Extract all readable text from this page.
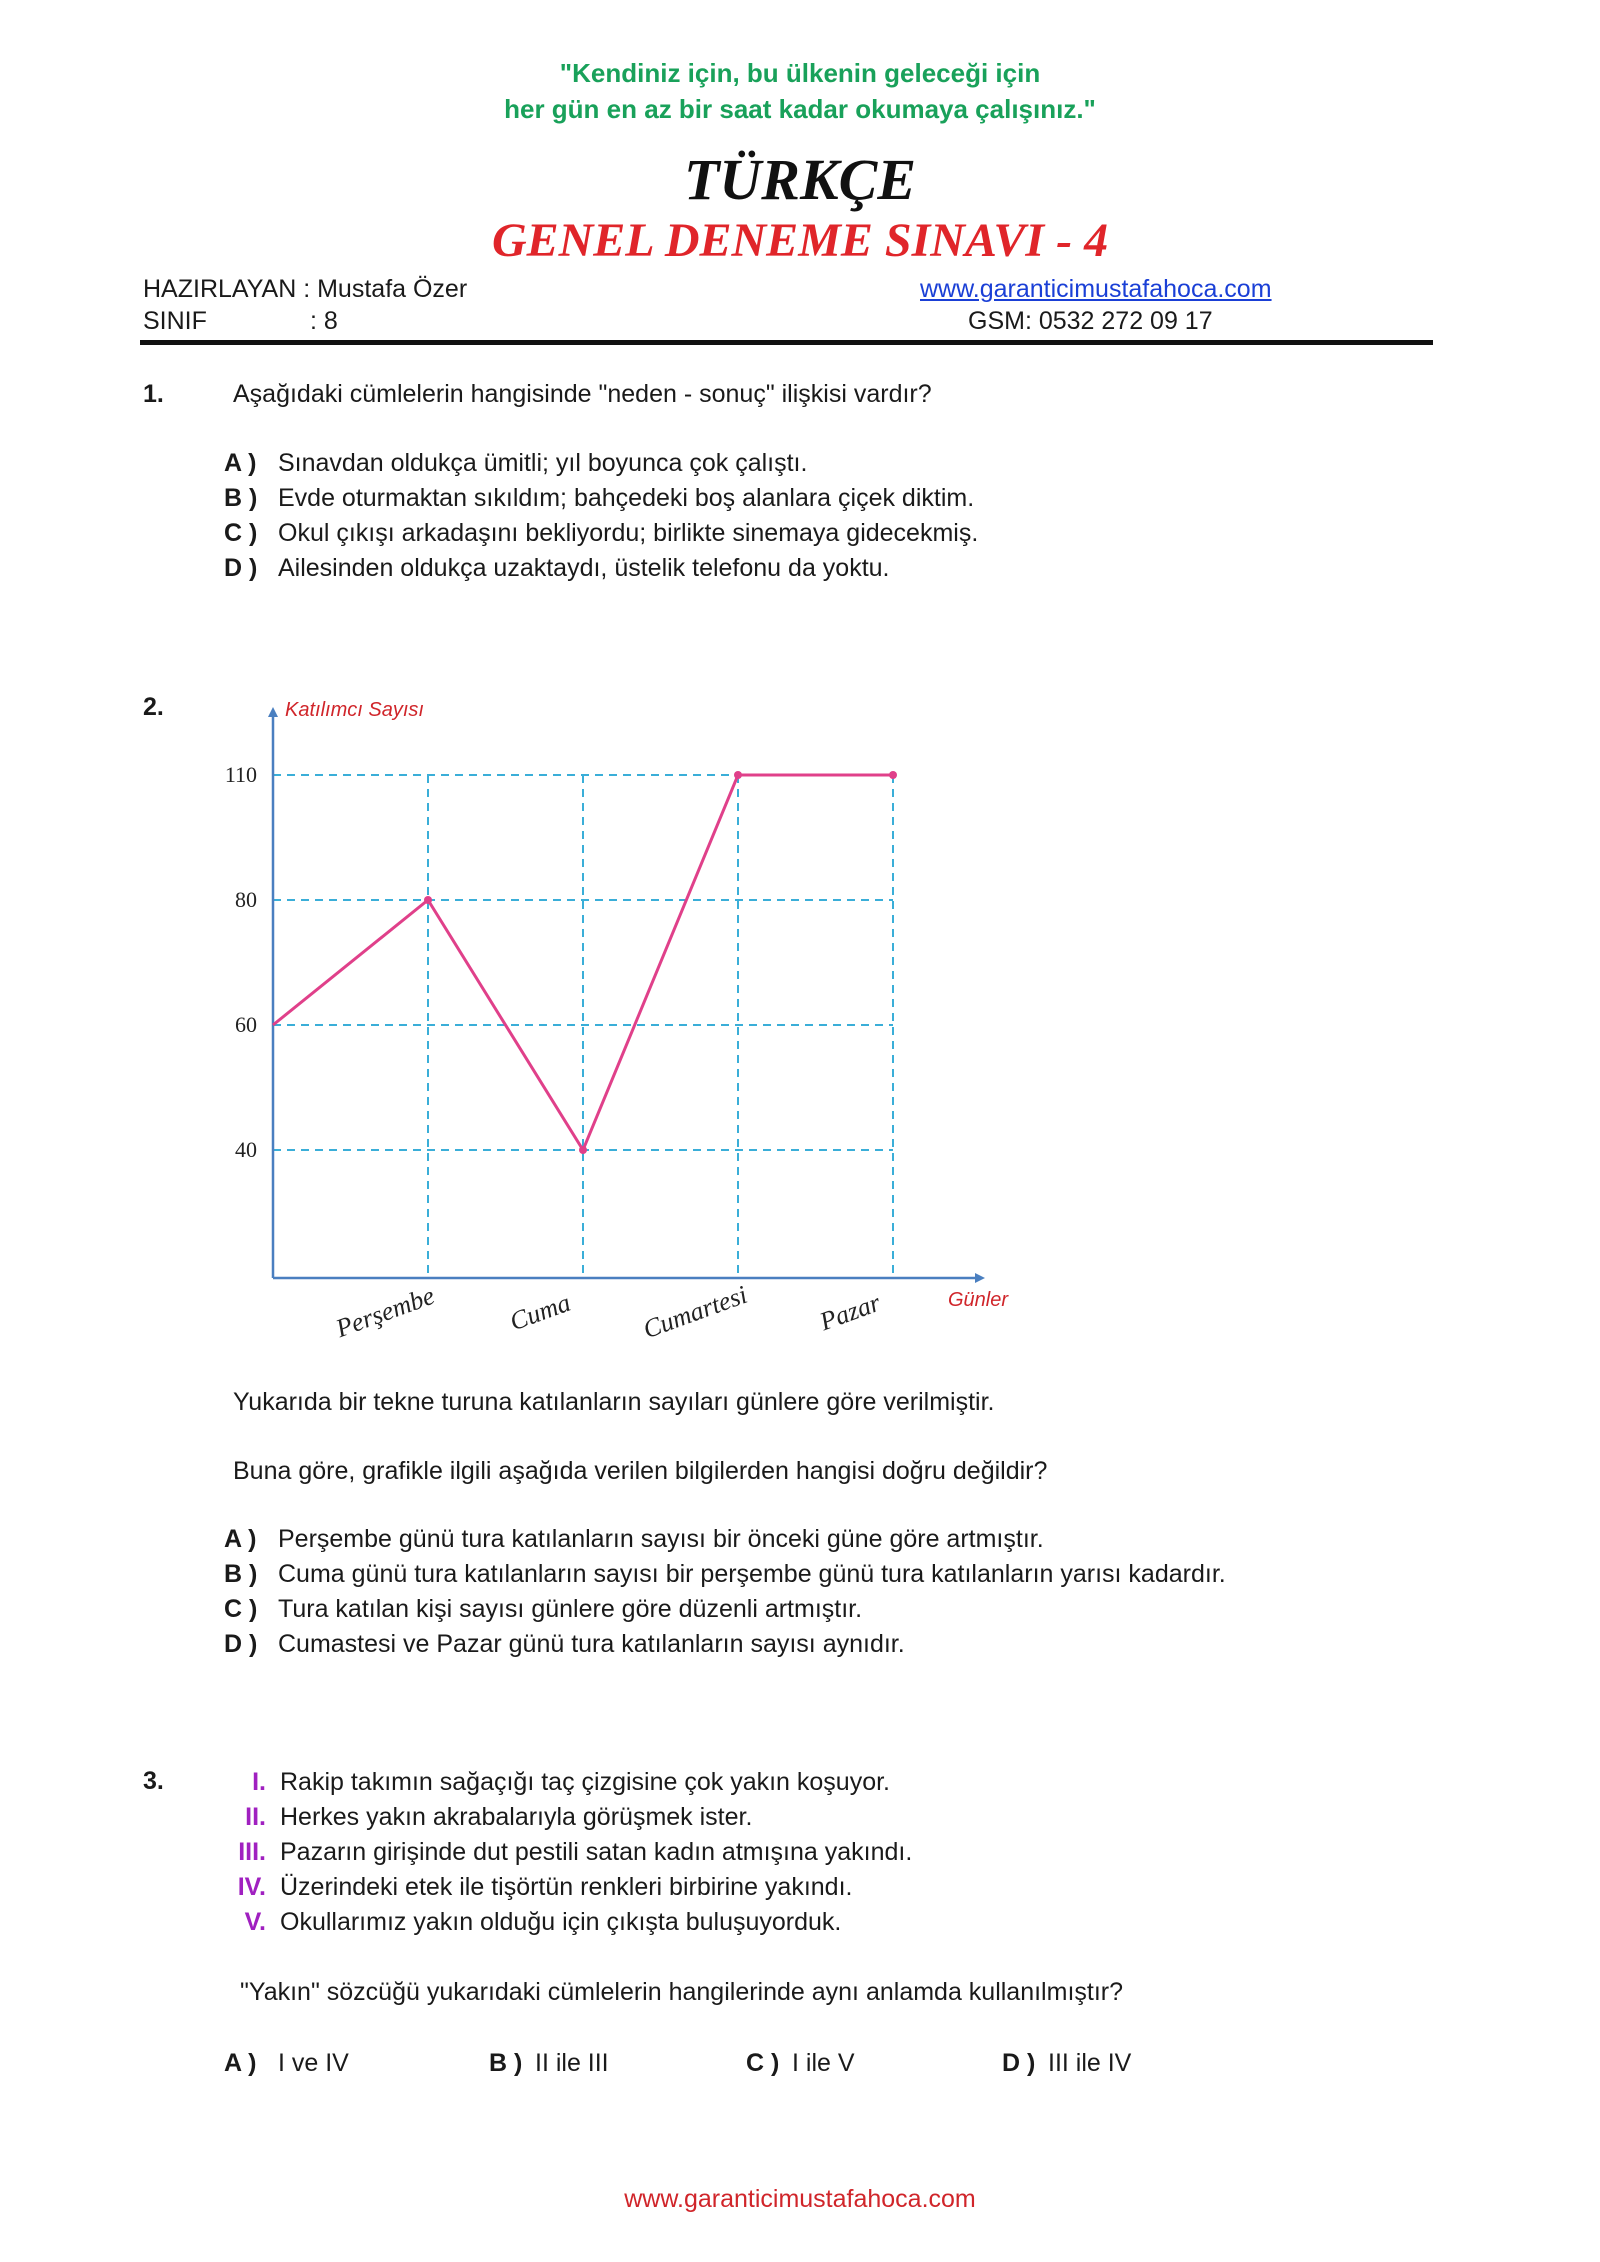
"Kendiniz için, bu ülkenin geleceği için
her gün en az bir saat kadar okumaya çalışınız."
TÜRKÇE
GENEL DENEME SINAVI - 4
HAZIRLAYAN : Mustafa Özer
SINIF	: 8
www.garanticimustafahoca.com
GSM: 0532 272 09 17
1.	Aşağıdaki cümlelerin hangisinde "neden - sonuç" ilişkisi vardır?
A ) Sınavdan oldukça ümitli; yıl boyunca çok çalıştı.
B ) Evde oturmaktan sıkıldım; bahçedeki boş alanlara çiçek diktim.
C ) Okul çıkışı arkadaşını bekliyordu; birlikte sinemaya gidecekmiş.
D ) Ailesinden oldukça uzaktaydı, üstelik telefonu da yoktu.
2.	Katılımcı Sayısı
Günler
40
60
80
110
Perşembe	Cuma Cumartesi Pazar
Yukarıda bir tekne turuna katılanların sayıları günlere göre verilmiştir.
Buna göre, grafikle ilgili aşağıda verilen bilgilerden hangisi doğru değildir?
A ) Perşembe günü tura katılanların sayısı bir önceki güne göre artmıştır.
B ) Cuma günü tura katılanların sayısı bir perşembe günü tura katılanların yarısı kadardır.
C ) Tura katılan kişi sayısı günlere göre düzenli artmıştır.
D ) Cumastesi ve Pazar günü tura katılanların sayısı aynıdır.
3.	I. Rakip takımın sağaçığı taç çizgisine çok yakın koşuyor.
II. Herkes yakın akrabalarıyla görüşmek ister.
III. Pazarın girişinde dut pestili satan kadın atmışına yakındı.
IV. Üzerindeki etek ile tişörtün renkleri birbirine yakındı.
V. Okullarımız yakın olduğu için çıkışta buluşuyorduk.
"Yakın" sözcüğü yukarıdaki cümlelerin hangilerinde aynı anlamda kullanılmıştır?
A ) I ve IV	B ) II ile III	C ) I ile V	D ) III ile IV
www.garanticimustafahoca.com
